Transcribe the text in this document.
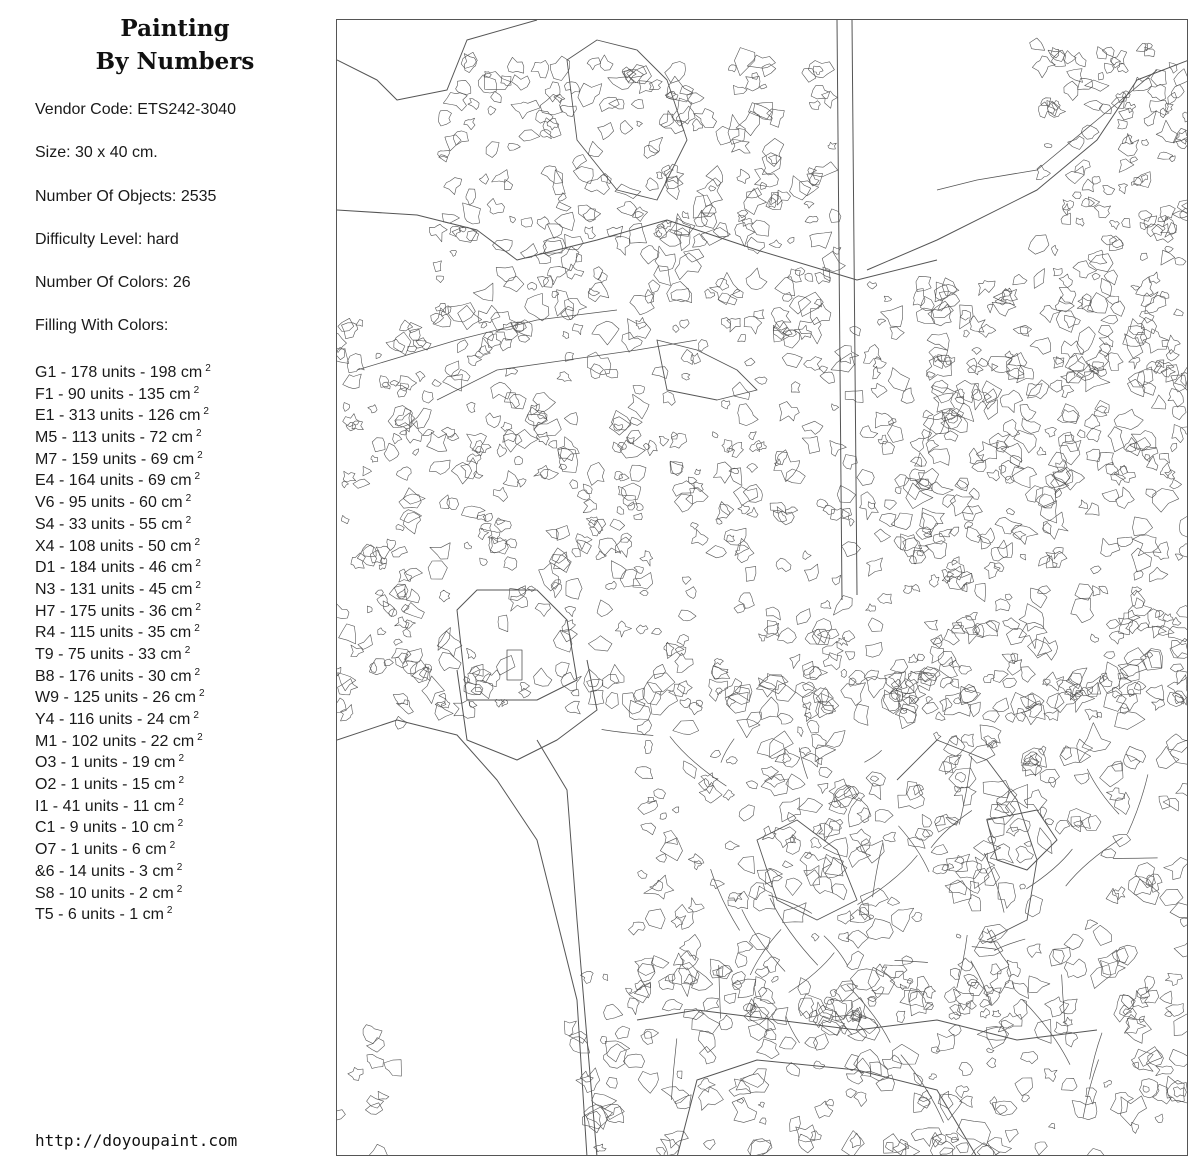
Painting
By Numbers
Vendor Code: ETS242-3040
Size: 30 x 40 cm.
Number Of Objects: 2535
Difficulty Level: hard
Number Of Colors: 26
Filling With Colors:
G1 - 178 units - 198 cm $^2$
F1 - 90 units - 135 cm $^2$
E1 - 313 units - 126 cm $^2$
M5 - 113 units - 72 cm $^2$
M7 - 159 units - 69 cm $^2$
E4 - 164 units - 69 cm $^2$
V6 - 95 units - 60 cm $^2$
S4 - 33 units - 55 cm $^2$
X4 - 108 units - 50 cm $^2$
D1 - 184 units - 46 cm $^2$
N3 - 131 units - 45 cm $^2$
H7 - 175 units - 36 cm $^2$
R4 - 115 units - 35 cm $^2$
T9 - 75 units - 33 cm $^2$
B8 - 176 units - 30 cm $^2$
W9 - 125 units - 26 cm $^2$
Y4 - 116 units - 24 cm $^2$
M1 - 102 units - 22 cm $^2$
O3 - 1 units - 19 cm $^2$
O2 - 1 units - 15 cm $^2$
I1 - 41 units - 11 cm $^2$
C1 - 9 units - 10 cm $^2$
O7 - 1 units - 6 cm $^2$
&6 - 14 units - 3 cm $^2$
S8 - 10 units - 2 cm $^2$
T5 - 6 units - 1 cm $^2$
http://doyoupaint.com
